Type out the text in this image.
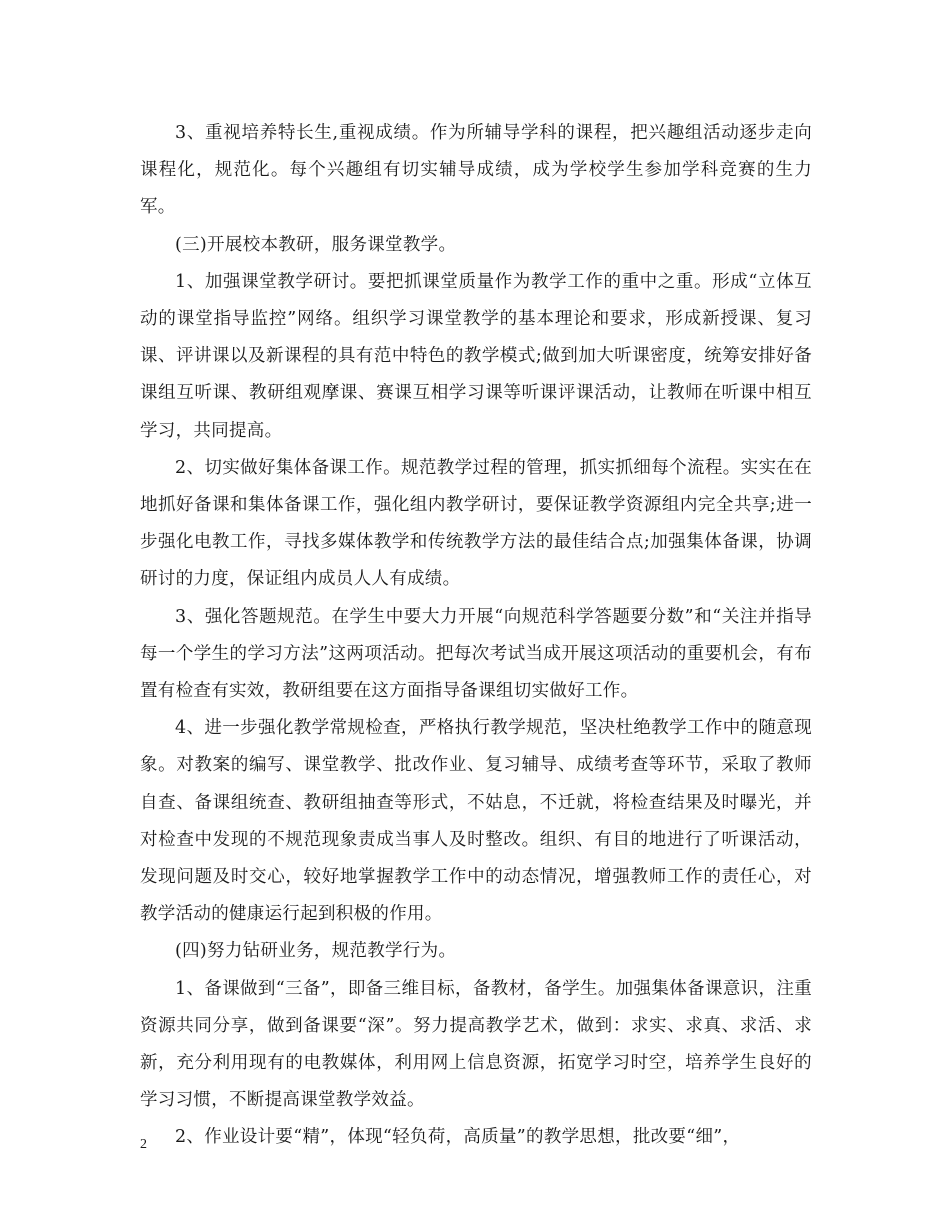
3、重视培养特长生,重视成绩。作为所辅导学科的课程，把兴趣组活动逐步走向课程化，规范化。每个兴趣组有切实辅导成绩，成为学校学生参加学科竞赛的生力军。

(三)开展校本教研，服务课堂教学。

1、加强课堂教学研讨。要把抓课堂质量作为教学工作的重中之重。形成“立体互动的课堂指导监控”网络。组织学习课堂教学的基本理论和要求，形成新授课、复习课、评讲课以及新课程的具有范中特色的教学模式;做到加大听课密度，统筹安排好备课组互听课、教研组观摩课、赛课互相学习课等听课评课活动，让教师在听课中相互学习，共同提高。

2、切实做好集体备课工作。规范教学过程的管理，抓实抓细每个流程。实实在在地抓好备课和集体备课工作，强化组内教学研讨，要保证教学资源组内完全共享;进一步强化电教工作，寻找多媒体教学和传统教学方法的最佳结合点;加强集体备课，协调研讨的力度，保证组内成员人人有成绩。

3、强化答题规范。在学生中要大力开展“向规范科学答题要分数”和“关注并指导每一个学生的学习方法”这两项活动。把每次考试当成开展这项活动的重要机会，有布置有检查有实效，教研组要在这方面指导备课组切实做好工作。

4、进一步强化教学常规检查，严格执行教学规范，坚决杜绝教学工作中的随意现象。对教案的编写、课堂教学、批改作业、复习辅导、成绩考查等环节，采取了教师自查、备课组统查、教研组抽查等形式，不姑息，不迁就，将检查结果及时曝光，并对检查中发现的不规范现象责成当事人及时整改。组织、有目的地进行了听课活动，发现问题及时交心，较好地掌握教学工作中的动态情况，增强教师工作的责任心，对教学活动的健康运行起到积极的作用。

(四)努力钻研业务，规范教学行为。

1、备课做到“三备”，即备三维目标，备教材，备学生。加强集体备课意识，注重资源共同分享，做到备课要“深”。努力提高教学艺术，做到：求实、求真、求活、求新，充分利用现有的电教媒体，利用网上信息资源，拓宽学习时空，培养学生良好的学习习惯，不断提高课堂教学效益。

2、作业设计要“精”，体现“轻负荷，高质量”的教学思想，批改要“细”，

2
